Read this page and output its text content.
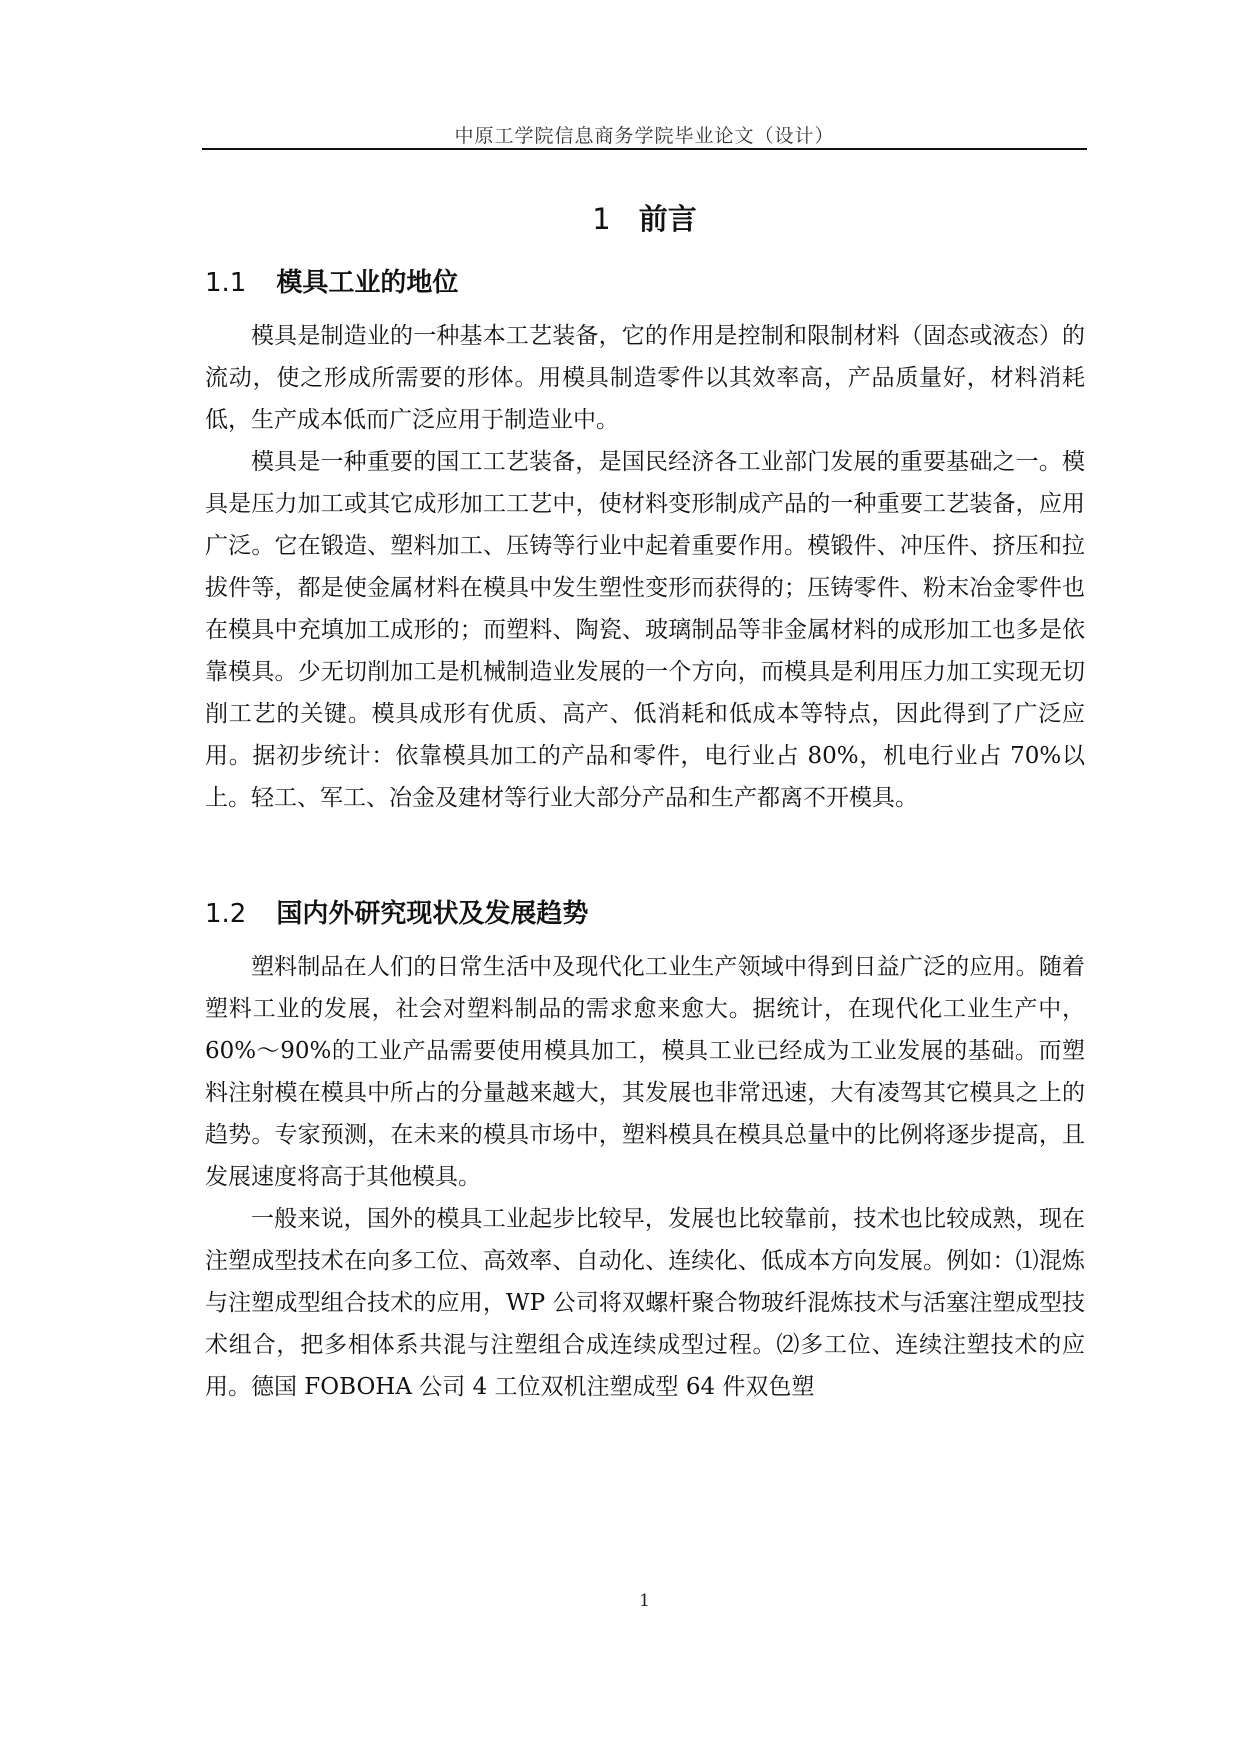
中原工学院信息商务学院毕业论文（设计）
1 前言
1.1 模具工业的地位

模具是制造业的一种基本工艺装备，它的作用是控制和限制材料（固态或液态）的流动，使之形成所需要的形体。用模具制造零件以其效率高，产品质量好，材料消耗低，生产成本低而广泛应用于制造业中。

模具是一种重要的国工工艺装备，是国民经济各工业部门发展的重要基础之一。模具是压力加工或其它成形加工工艺中，使材料变形制成产品的一种重要工艺装备，应用广泛。它在锻造、塑料加工、压铸等行业中起着重要作用。模锻件、冲压件、挤压和拉拔件等，都是使金属材料在模具中发生塑性变形而获得的；压铸零件、粉末冶金零件也在模具中充填加工成形的；而塑料、陶瓷、玻璃制品等非金属材料的成形加工也多是依靠模具。少无切削加工是机械制造业发展的一个方向，而模具是利用压力加工实现无切削工艺的关键。模具成形有优质、高产、低消耗和低成本等特点，因此得到了广泛应用。据初步统计：依靠模具加工的产品和零件，电行业占 80%，机电行业占 70%以上。轻工、军工、冶金及建材等行业大部分产品和生产都离不开模具。

1.2 国内外研究现状及发展趋势

塑料制品在人们的日常生活中及现代化工业生产领域中得到日益广泛的应用。随着塑料工业的发展，社会对塑料制品的需求愈来愈大。据统计，在现代化工业生产中，60%～90%的工业产品需要使用模具加工，模具工业已经成为工业发展的基础。而塑料注射模在模具中所占的分量越来越大，其发展也非常迅速，大有凌驾其它模具之上的趋势。专家预测，在未来的模具市场中，塑料模具在模具总量中的比例将逐步提高，且发展速度将高于其他模具。

一般来说，国外的模具工业起步比较早，发展也比较靠前，技术也比较成熟，现在注塑成型技术在向多工位、高效率、自动化、连续化、低成本方向发展。例如：⑴混炼与注塑成型组合技术的应用，WP 公司将双螺杆聚合物玻纤混炼技术与活塞注塑成型技术组合，把多相体系共混与注塑组合成连续成型过程。⑵多工位、连续注塑技术的应用。德国 FOBOHA 公司 4 工位双机注塑成型 64 件双色塑

1
